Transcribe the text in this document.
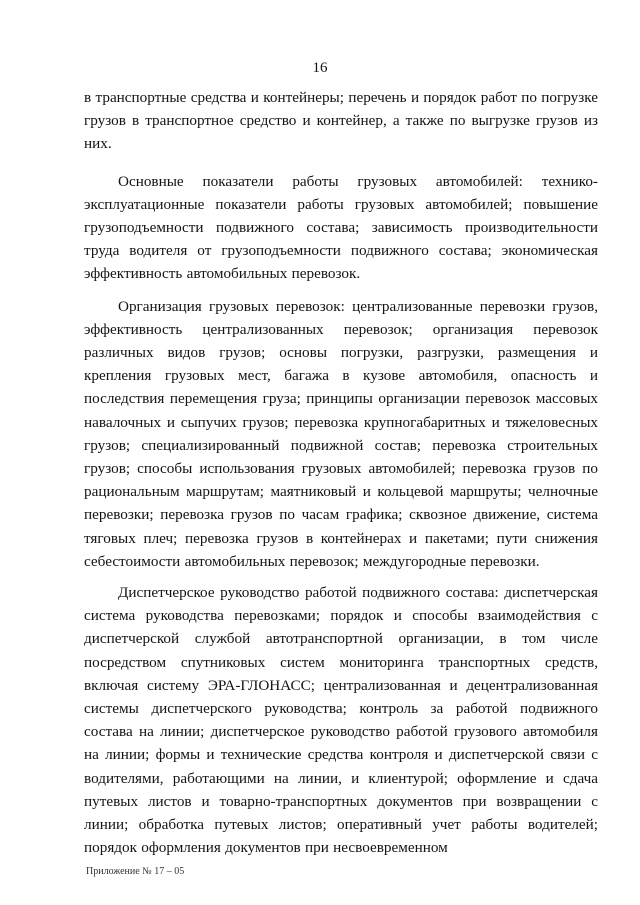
16

в транспортные средства и контейнеры; перечень и порядок работ по погрузке грузов в транспортное средство и контейнер, а также по выгрузке грузов из них.

Основные показатели работы грузовых автомобилей: технико-эксплуатационные показатели работы грузовых автомобилей; повышение грузоподъемности подвижного состава; зависимость производительности труда водителя от грузоподъемности подвижного состава; экономическая эффективность автомобильных перевозок.

Организация грузовых перевозок: централизованные перевозки грузов, эффективность централизованных перевозок; организация перевозок различных видов грузов; основы погрузки, разгрузки, размещения и крепления грузовых мест, багажа в кузове автомобиля, опасность и последствия перемещения груза; принципы организации перевозок массовых навалочных и сыпучих грузов; перевозка крупногабаритных и тяжеловесных грузов; специализированный подвижной состав; перевозка строительных грузов; способы использования грузовых автомобилей; перевозка грузов по рациональным маршрутам; маятниковый и кольцевой маршруты; челночные перевозки; перевозка грузов по часам графика; сквозное движение, система тяговых плеч; перевозка грузов в контейнерах и пакетами; пути снижения себестоимости автомобильных перевозок; междугородные перевозки.

Диспетчерское руководство работой подвижного состава: диспетчерская система руководства перевозками; порядок и способы взаимодействия с диспетчерской службой автотранспортной организации, в том числе посредством спутниковых систем мониторинга транспортных средств, включая систему ЭРА-ГЛОНАСС; централизованная и децентрализованная системы диспетчерского руководства; контроль за работой подвижного состава на линии; диспетчерское руководство работой грузового автомобиля на линии; формы и технические средства контроля и диспетчерской связи с водителями, работающими на линии, и клиентурой; оформление и сдача путевых листов и товарно-транспортных документов при возвращении с линии; обработка путевых листов; оперативный учет работы водителей; порядок оформления документов при несвоевременном

Приложение № 17 – 05
